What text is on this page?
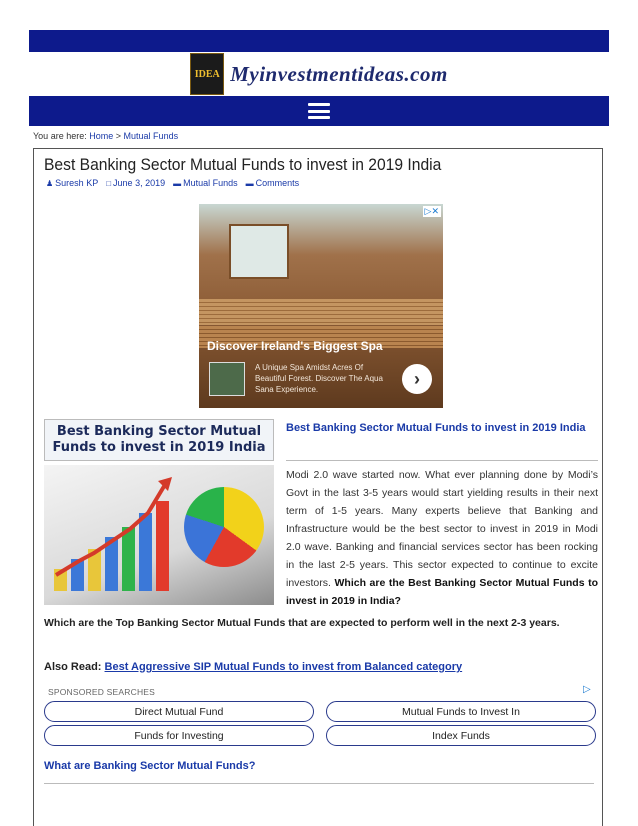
IDEA Myinvestmentideas.com
You are here: Home > Mutual Funds
Best Banking Sector Mutual Funds to invest in 2019 India
♟ Suresh KP □ June 3, 2019 ▬ Mutual Funds ▬ Comments
▷✕
Discover Ireland's Biggest Spa
A Unique Spa Amidst Acres Of Beautiful Forest. Discover The Aqua Sana Experience.
›
Best Banking Sector Mutual Funds to invest in 2019 India
Best Banking Sector Mutual Funds to invest in 2019 India

Modi 2.0 wave started now. What ever planning done by Modi’s Govt in the last 3-5 years would start yielding results in their next term of 1-5 years. Many experts believe that Banking and Infrastructure would be the best sector to invest in 2019 in Modi 2.0 wave. Banking and financial services sector has been rocking in the last 2-5 years. This sector expected to continue to excite investors. Which are the Best Banking Sector Mutual Funds to invest in 2019 in India?

Which are the Top Banking Sector Mutual Funds that are expected to perform well in the next 2-3 years.

Also Read: Best Aggressive SIP Mutual Funds to invest from Balanced category
SPONSORED SEARCHES	▷
Direct Mutual Fund	Mutual Funds to Invest In
Funds for Investing	Index Funds
What are Banking Sector Mutual Funds?
